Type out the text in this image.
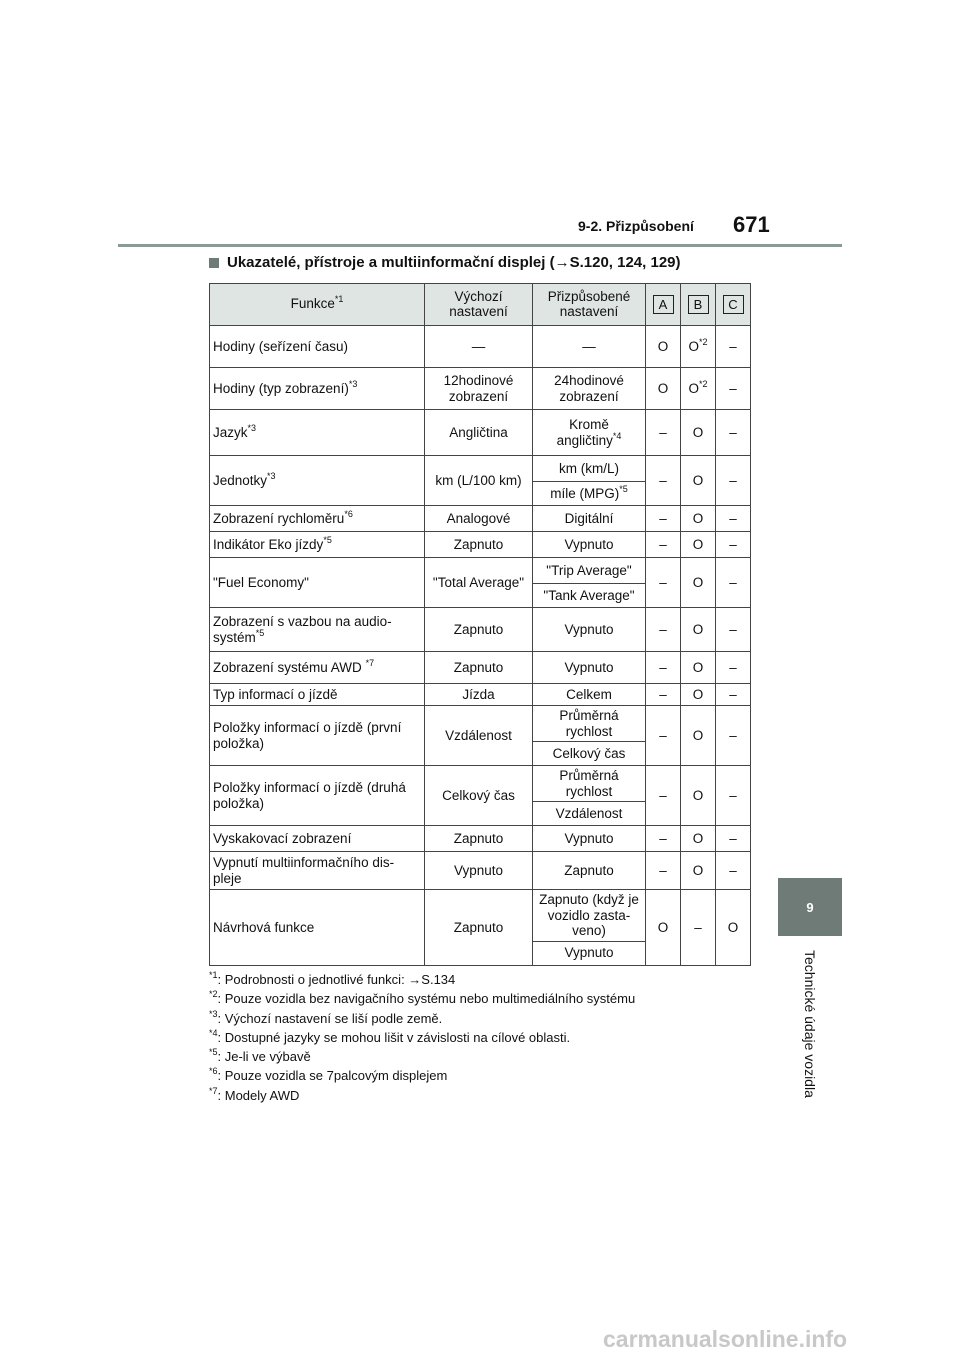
9-2. Přizpůsobení 671
9
Technické údaje vozidla
Ukazatelé, přístroje a multiinformační displej (→S.120, 124, 129)
Funkce$^{*1}$	Výchozí nastavení	Přizpůsobené nastavení	A	B	C
Hodiny (seřízení času)	—	—	O	$O^{*2}$	–
Hodiny (typ zobrazení)$^{*3}$	12hodinové zobrazení	24hodinové zobrazení	O	$O^{*2}$	–
Jazyk$^{*3}$	Angličtina	Kromě angličtiny$^{*4}$	–	O	–
Jednotky$^{*3}$	km (L/100 km)	km (km/L)	–	O	–
		míle (MPG)$^{*5}$
Zobrazení rychloměru$^{*6}$	Analogové	Digitální	–	O	–
Indikátor Eko jízdy$^{*5}$	Zapnuto	Vypnuto	–	O	–
"Fuel Economy"	"Total Average"	"Trip Average"	–	O	–
		"Tank Average"			
Zobrazení s vazbou na audio-systém$^{*5}$	Zapnuto	Vypnuto	–	O	–
Zobrazení systému AWD $^{*7}$	Zapnuto	Vypnuto	–	O	–
Typ informací o jízdě	Jízda	Celkem	–	O	–
Položky informací o jízdě (první položka)	Vzdálenost	Průměrná rychlost	–	O	–
		Celkový čas			
Položky informací o jízdě (druhá položka)	Celkový čas	Průměrná rychlost	–	O	–
		Vzdálenost			
Vyskakovací zobrazení	Zapnuto	Vypnuto	–	O	–
Vypnutí multiinformačního dis-pleje	Vypnuto	Zapnuto	–	O	–
Návrhová funkce	Zapnuto	Zapnuto (když je vozidlo zasta-veno)	O	–	O
		Vypnuto			
$^{*1}$: Podrobnosti o jednotlivé funkci: →S.134
$^{*2}$: Pouze vozidla bez navigačního systému nebo multimediálního systému
$^{*3}$: Výchozí nastavení se liší podle země.
$^{*4}$: Dostupné jazyky se mohou lišit v závislosti na cílové oblasti.
$^{*5}$: Je-li ve výbavě
$^{*6}$: Pouze vozidla se 7palcovým displejem
$^{*7}$: Modely AWD
carmanualsonline.info
